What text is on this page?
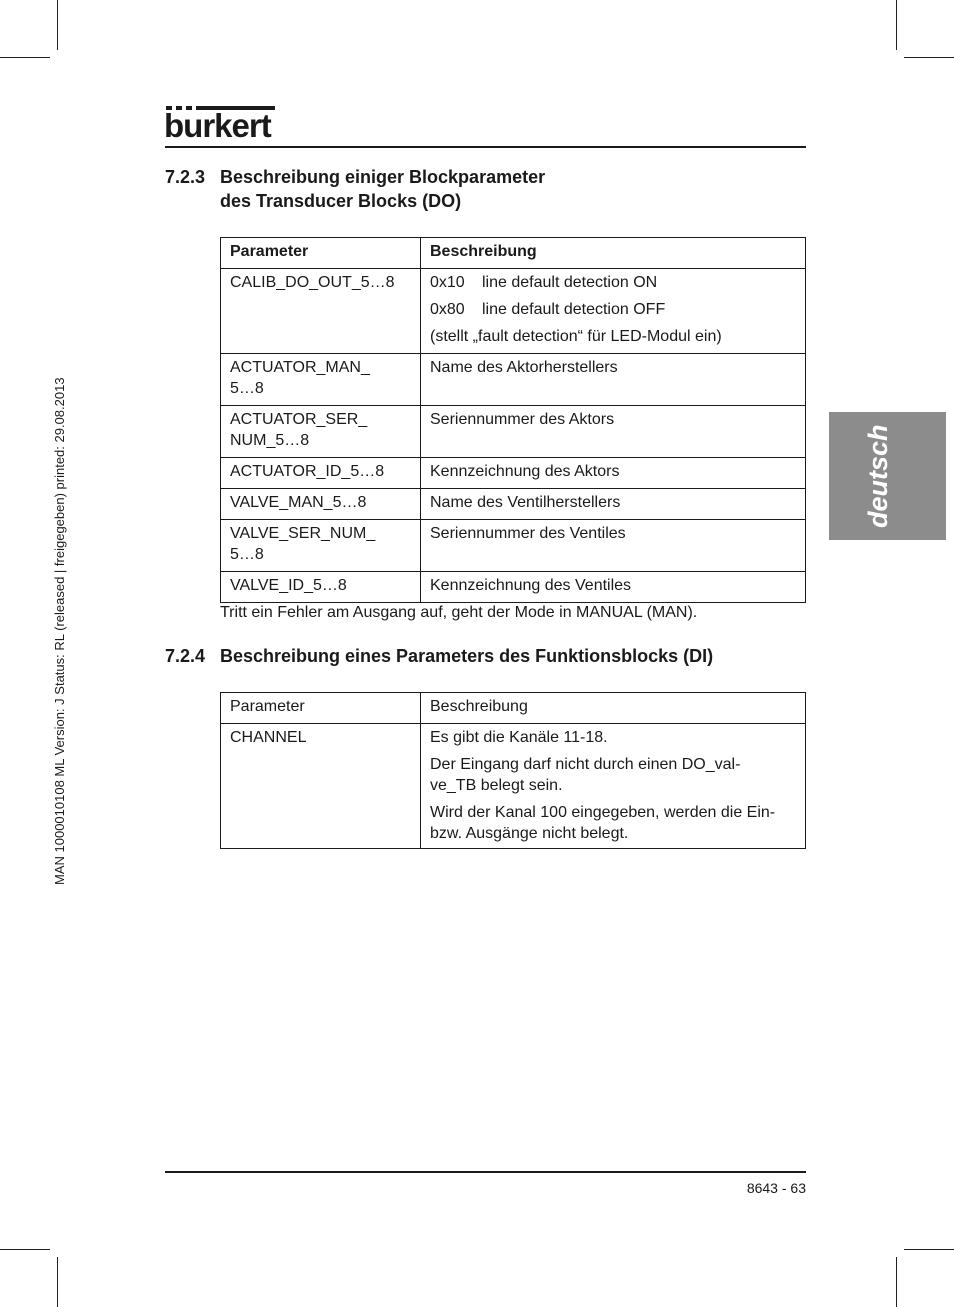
burkert
MAN 1000010108 ML Version: J Status: RL (released | freigegeben) printed: 29.08.2013	deutsch
7.2.3 Beschreibung einiger Blockparameter
des Transducer Blocks (DO)
Parameter	Beschreibung
CALIB_DO_OUT_5…8	0x10 line default detection ON
0x80 line default detection OFF
(stellt „fault detection“ für LED-Modul ein)

ACTUATOR_MAN_ 5…8	Name des Aktorherstellers
ACTUATOR_SER_ NUM_5…8	Seriennummer des Aktors
ACTUATOR_ID_5…8	Kennzeichnung des Aktors
VALVE_MAN_5…8	Name des Ventilherstellers
VALVE_SER_NUM_ 5…8	Seriennummer des Ventiles
VALVE_ID_5…8	Kennzeichnung des Ventiles
Tritt ein Fehler am Ausgang auf, geht der Mode in MANUAL (MAN).
7.2.4 Beschreibung eines Parameters des Funktionsblocks (DI)
Parameter	Beschreibung
CHANNEL	Es gibt die Kanäle 11-18.
Der Eingang darf nicht durch einen DO_val-ve_TB belegt sein.
Wird der Kanal 100 eingegeben, werden die Ein- bzw. Ausgänge nicht belegt.
8643 - 63
